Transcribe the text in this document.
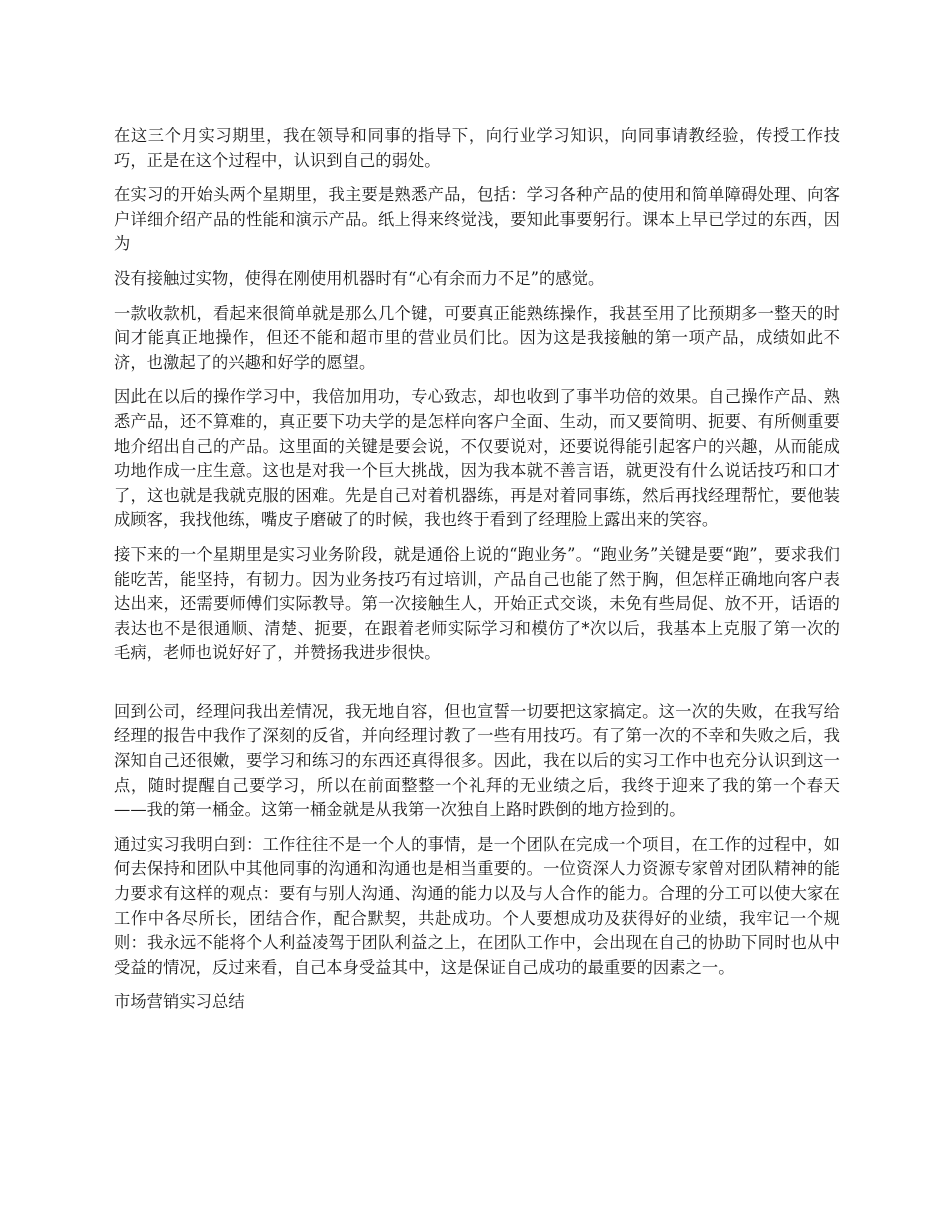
在这三个月实习期里，我在领导和同事的指导下，向行业学习知识，向同事请教经验，传授工作技巧，正是在这个过程中，认识到自己的弱处。

在实习的开始头两个星期里，我主要是熟悉产品，包括：学习各种产品的使用和简单障碍处理、向客户详细介绍产品的性能和演示产品。纸上得来终觉浅，要知此事要躬行。课本上早已学过的东西，因为

没有接触过实物，使得在刚使用机器时有“心有余而力不足”的感觉。

一款收款机，看起来很简单就是那么几个键，可要真正能熟练操作，我甚至用了比预期多一整天的时间才能真正地操作，但还不能和超市里的营业员们比。因为这是我接触的第一项产品，成绩如此不济，也激起了的兴趣和好学的愿望。

因此在以后的操作学习中，我倍加用功，专心致志，却也收到了事半功倍的效果。自己操作产品、熟悉产品，还不算难的，真正要下功夫学的是怎样向客户全面、生动，而又要简明、扼要、有所侧重要地介绍出自己的产品。这里面的关键是要会说，不仅要说对，还要说得能引起客户的兴趣，从而能成功地作成一庄生意。这也是对我一个巨大挑战，因为我本就不善言语，就更没有什么说话技巧和口才了，这也就是我就克服的困难。先是自己对着机器练，再是对着同事练，然后再找经理帮忙，要他装成顾客，我找他练，嘴皮子磨破了的时候，我也终于看到了经理脸上露出来的笑容。

接下来的一个星期里是实习业务阶段，就是通俗上说的“跑业务”。“跑业务”关键是要“跑”，要求我们能吃苦，能坚持，有韧力。因为业务技巧有过培训，产品自己也能了然于胸，但怎样正确地向客户表达出来，还需要师傅们实际教导。第一次接触生人，开始正式交谈，未免有些局促、放不开，话语的表达也不是很通顺、清楚、扼要，在跟着老师实际学习和模仿了*次以后，我基本上克服了第一次的毛病，老师也说好好了，并赞扬我进步很快。

回到公司，经理问我出差情况，我无地自容，但也宣誓一切要把这家搞定。这一次的失败，在我写给经理的报告中我作了深刻的反省，并向经理讨教了一些有用技巧。有了第一次的不幸和失败之后，我深知自己还很嫩，要学习和练习的东西还真得很多。因此，我在以后的实习工作中也充分认识到这一点，随时提醒自己要学习，所以在前面整整一个礼拜的无业绩之后，我终于迎来了我的第一个春天——我的第一桶金。这第一桶金就是从我第一次独自上路时跌倒的地方捡到的。

通过实习我明白到：工作往往不是一个人的事情，是一个团队在完成一个项目，在工作的过程中，如何去保持和团队中其他同事的沟通和沟通也是相当重要的。一位资深人力资源专家曾对团队精神的能力要求有这样的观点：要有与别人沟通、沟通的能力以及与人合作的能力。合理的分工可以使大家在工作中各尽所长，团结合作，配合默契，共赴成功。个人要想成功及获得好的业绩，我牢记一个规则：我永远不能将个人利益凌驾于团队利益之上，在团队工作中，会出现在自己的协助下同时也从中受益的情况，反过来看，自己本身受益其中，这是保证自己成功的最重要的因素之一。

市场营销实习总结
